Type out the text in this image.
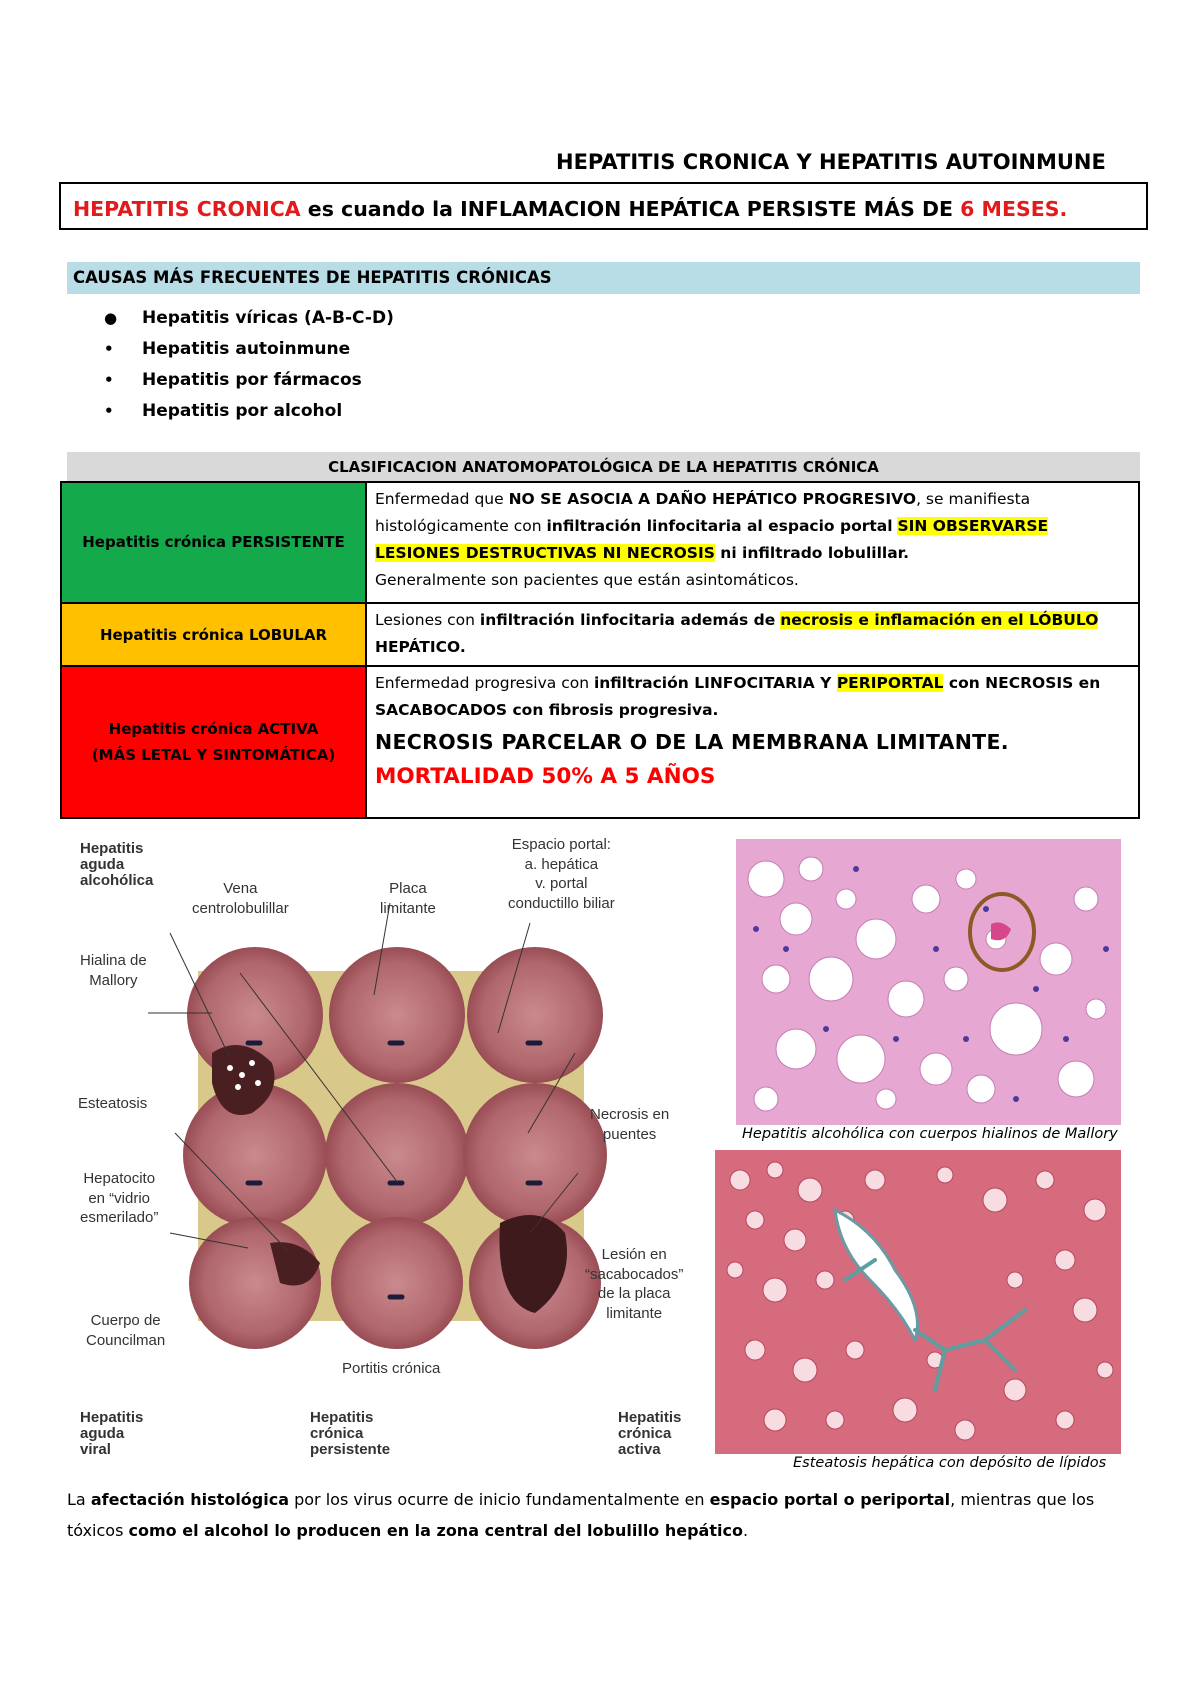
HEPATITIS CRONICA Y HEPATITIS AUTOINMUNE
HEPATITIS CRONICA es cuando la INFLAMACION HEPÁTICA PERSISTE MÁS DE 6 MESES.
CAUSAS MÁS FRECUENTES DE HEPATITIS CRÓNICAS
●	Hepatitis víricas (A-B-C-D)
•	Hepatitis autoinmune
•	Hepatitis por fármacos
•	Hepatitis por alcohol
CLASIFICACION ANATOMOPATOLÓGICA DE LA HEPATITIS CRÓNICA
Hepatitis crónica PERSISTENTE	Enfermedad que NO SE ASOCIA A DAÑO HEPÁTICO PROGRESIVO, se manifiesta histológicamente con infiltración linfocitaria al espacio portal SIN OBSERVARSE LESIONES DESTRUCTIVAS NI NECROSIS ni infiltrado lobulillar.
Generalmente son pacientes que están asintomáticos.
Hepatitis crónica LOBULAR	Lesiones con infiltración linfocitaria además de necrosis e inflamación en el LÓBULO HEPÁTICO.
Hepatitis crónica ACTIVA
(MÁS LETAL Y SINTOMÁTICA)	Enfermedad progresiva con infiltración LINFOCITARIA Y PERIPORTAL con NECROSIS en SACABOCADOS con fibrosis progresiva.
NECROSIS PARCELAR O DE LA MEMBRANA LIMITANTE.
MORTALIDAD 50% A 5 AÑOS
Hepatitis
aguda
alcohólica	Vena
centrolobulillar
Placa
limitante
Espacio portal:
a. hepática
v. portal
conductillo biliar
Hialina de
Mallory
Esteatosis
Necrosis en
puentes
Hepatocito
en “vidrio
esmerilado”
Lesión en
“sacabocados”
de la placa
limitante
Cuerpo de
Councilman
Portitis crónica
Hepatitis
aguda
viral
Hepatitis
crónica
persistente
Hepatitis
crónica
activa
Hepatitis alcohólica con cuerpos hialinos de Mallory
Esteatosis hepática con depósito de lípidos
La afectación histológica por los virus ocurre de inicio fundamentalmente en espacio portal o periportal, mientras que los tóxicos como el alcohol lo producen en la zona central del lobulillo hepático.
